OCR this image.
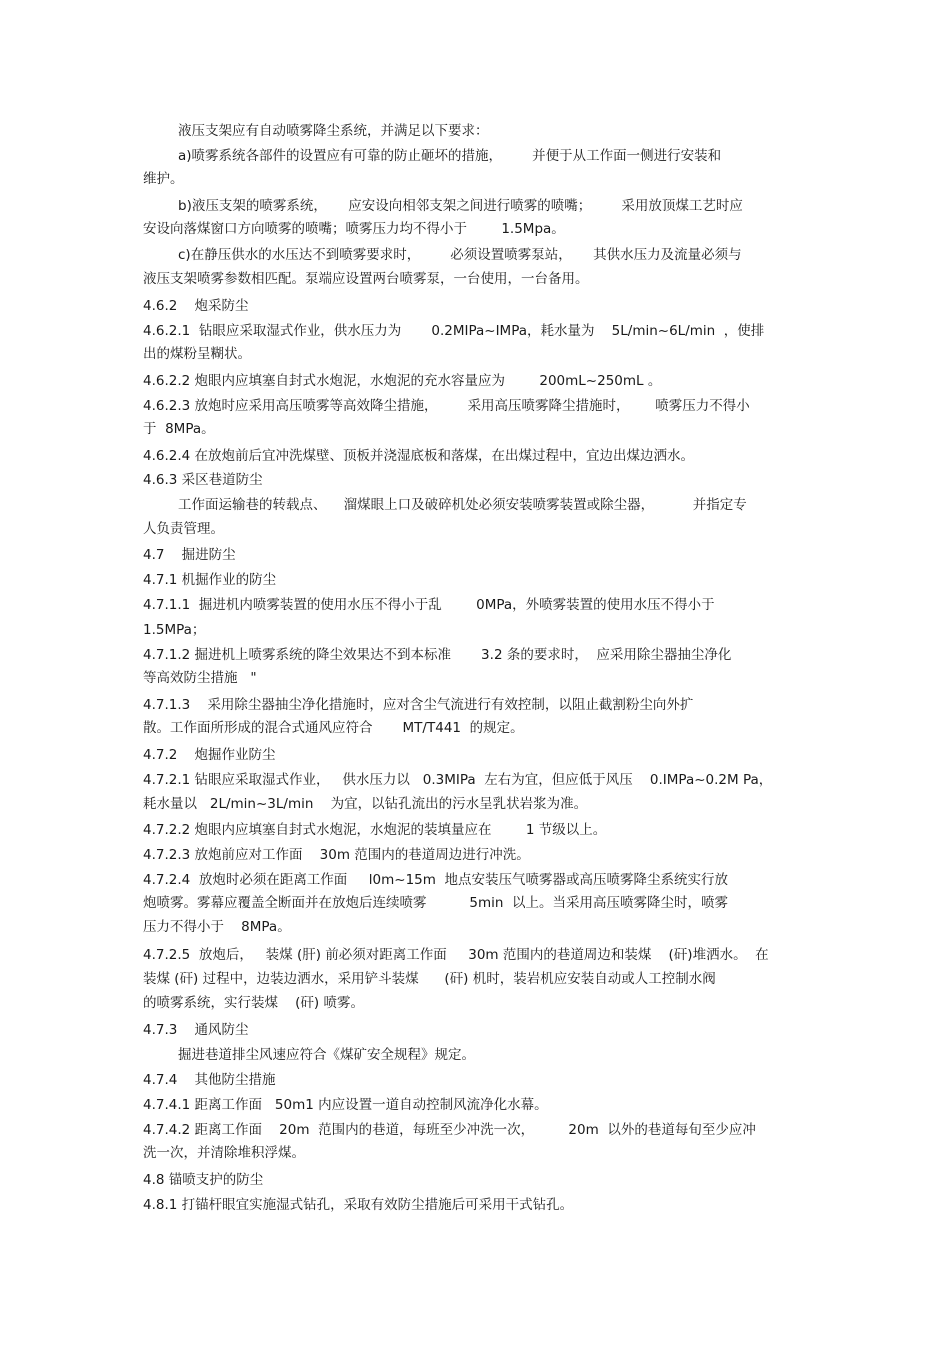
液压支架应有自动喷雾降尘系统，并满足以下要求：
a)喷雾系统各部件的设置应有可靠的防止砸坏的措施，       并便于从工作面一侧进行安装和
维护。
b)液压支架的喷雾系统，     应安设向相邻支架之间进行喷雾的喷嘴；       采用放顶煤工艺时应
安设向落煤窗口方向喷雾的喷嘴；喷雾压力均不得小于        1.5Mpa。
c)在静压供水的水压达不到喷雾要求时，       必须设置喷雾泵站，     其供水压力及流量必须与
液压支架喷雾参数相匹配。泵端应设置两台喷雾泵，一台使用，一台备用。
4.6.2    炮采防尘
4.6.2.1  钻眼应采取湿式作业，供水压力为       0.2MIPa~IMPa，耗水量为    5L/min~6L/min  ，使排
出的煤粉呈糊状。
4.6.2.2 炮眼内应填塞自封式水炮泥，水炮泥的充水容量应为        200mL~250mL 。
4.6.2.3 放炮时应采用高压喷雾等高效降尘措施，       采用高压喷雾降尘措施时，      喷雾压力不得小
于  8MPa。
4.6.2.4 在放炮前后宜冲洗煤壁、顶板并浇湿底板和落煤，在出煤过程中，宜边出煤边洒水。
4.6.3 采区巷道防尘
工作面运输巷的转载点、    溜煤眼上口及破碎机处必须安装喷雾装置或除尘器，         并指定专
人负责管理。
4.7    掘进防尘
4.7.1 机掘作业的防尘
4.7.1.1  掘进机内喷雾装置的使用水压不得小于乱        0MPa，外喷雾装置的使用水压不得小于
1.5MPa；
4.7.1.2 掘进机上喷雾系统的降尘效果达不到本标准       3.2 条的要求时，  应采用除尘器抽尘净化
等高效防尘措施   "
4.7.1.3    采用除尘器抽尘净化措施时，应对含尘气流进行有效控制，以阻止截割粉尘向外扩
散。工作面所形成的混合式通风应符合       MT/T441  的规定。
4.7.2    炮掘作业防尘
4.7.2.1 钻眼应采取湿式作业，   供水压力以   0.3MIPa  左右为宜，但应低于风压    0.IMPa~0.2M Pa，
耗水量以   2L/min~3L/min    为宜，以钻孔流出的污水呈乳状岩浆为准。
4.7.2.2 炮眼内应填塞自封式水炮泥，水炮泥的装填量应在        1 节级以上。
4.7.2.3 放炮前应对工作面    30m 范围内的巷道周边进行冲洗。
4.7.2.4  放炮时必须在距离工作面     l0m~15m  地点安装压气喷雾器或高压喷雾降尘系统实行放
炮喷雾。雾幕应覆盖全断面并在放炮后连续喷雾          5min  以上。当采用高压喷雾降尘时，喷雾
压力不得小于    8MPa。
4.7.2.5  放炮后，   装煤 (肝) 前必须对距离工作面     30m 范围内的巷道周边和装煤    (矸)堆洒水。  在
装煤 (矸) 过程中，边装边洒水，采用铲斗装煤      (矸) 机时，装岩机应安装自动或人工控制水阀
的喷雾系统，实行装煤    (矸) 喷雾。
4.7.3    通风防尘
掘进巷道排尘风速应符合《煤矿安全规程》规定。
4.7.4    其他防尘措施
4.7.4.1 距离工作面   50m1 内应设置一道自动控制风流净化水幕。
4.7.4.2 距离工作面    20m  范围内的巷道，每班至少冲洗一次，        20m  以外的巷道每旬至少应冲
洗一次，并清除堆积浮煤。
4.8 锚喷支护的防尘
4.8.1 打锚杆眼宜实施湿式钻孔，采取有效防尘措施后可采用干式钻孔。
